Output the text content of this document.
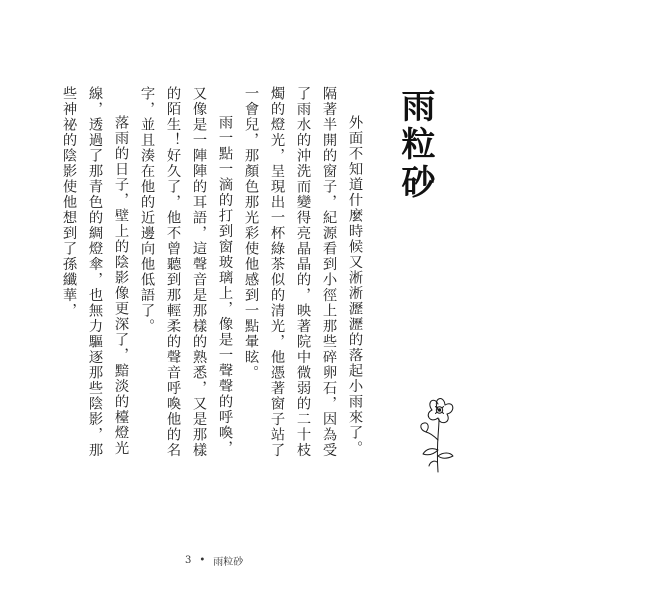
雨粒砂

外面不知道什麼時候又淅淅瀝瀝的落起小雨來了。隔著半開的窗子，紀源看到小徑上那些碎卵石，因為受了雨水的沖洗而變得亮晶晶的，映著院中微弱的二十枝燭的燈光，呈現出一杯綠茶似的清光，他憑著窗子站了一會兒，那顏色那光彩使他感到一點暈眩。

雨一點一滴的打到窗玻璃上，像是一聲聲的呼喚，又像是一陣陣的耳語，這聲音是那樣的熟悉，又是那樣的陌生！好久了，他不曾聽到那輕柔的聲音呼喚他的名字，並且湊在他的近邊向他低語了。

落雨的日子，壁上的陰影像更深了，黯淡的檯燈光線，透過了那青色的綢燈傘，也無力驅逐那些陰影，那些神祕的陰影使他想到了孫纖華，

3 • 雨粒砂
